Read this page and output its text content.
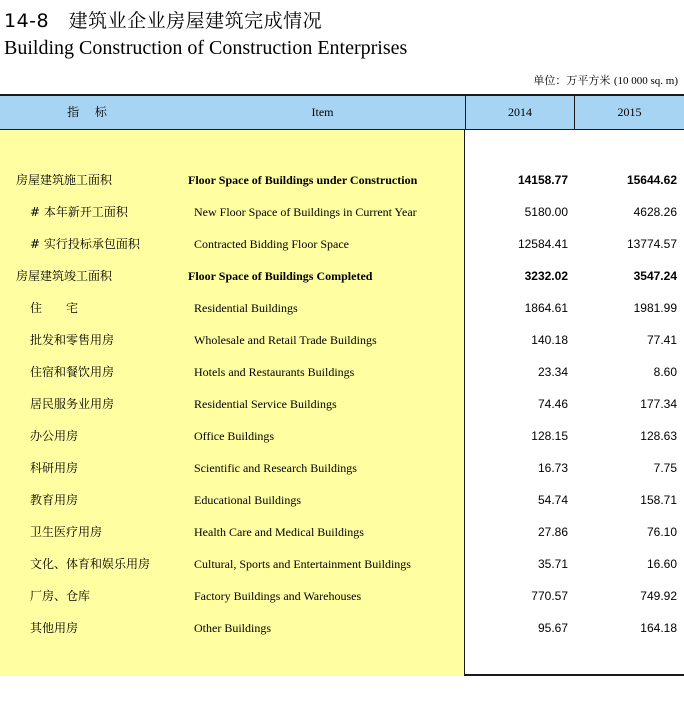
14-8　建筑业企业房屋建筑完成情况
Building Construction of Construction Enterprises
单位：万平方米 (10 000 sq. m)
指 标	Item	2014	2015
房屋建筑施工面积	Floor Space of Buildings under Construction	14158.77	15644.62
# 本年新开工面积	New Floor Space of Buildings in Current Year	5180.00	4628.26
# 实行投标承包面积	Contracted Bidding Floor Space	12584.41	13774.57
房屋建筑竣工面积	Floor Space of Buildings Completed	3232.02	3547.24
住　　宅	Residential Buildings	1864.61	1981.99
批发和零售用房	Wholesale and Retail Trade Buildings	140.18	77.41
住宿和餐饮用房	Hotels and Restaurants Buildings	23.34	8.60
居民服务业用房	Residential Service Buildings	74.46	177.34
办公用房	Office Buildings	128.15	128.63
科研用房	Scientific and Research Buildings	16.73	7.75
教育用房	Educational Buildings	54.74	158.71
卫生医疗用房	Health Care and Medical Buildings	27.86	76.10
文化、体育和娱乐用房	Cultural, Sports and Entertainment Buildings	35.71	16.60
厂房、仓库	Factory Buildings and Warehouses	770.57	749.92
其他用房	Other Buildings	95.67	164.18
